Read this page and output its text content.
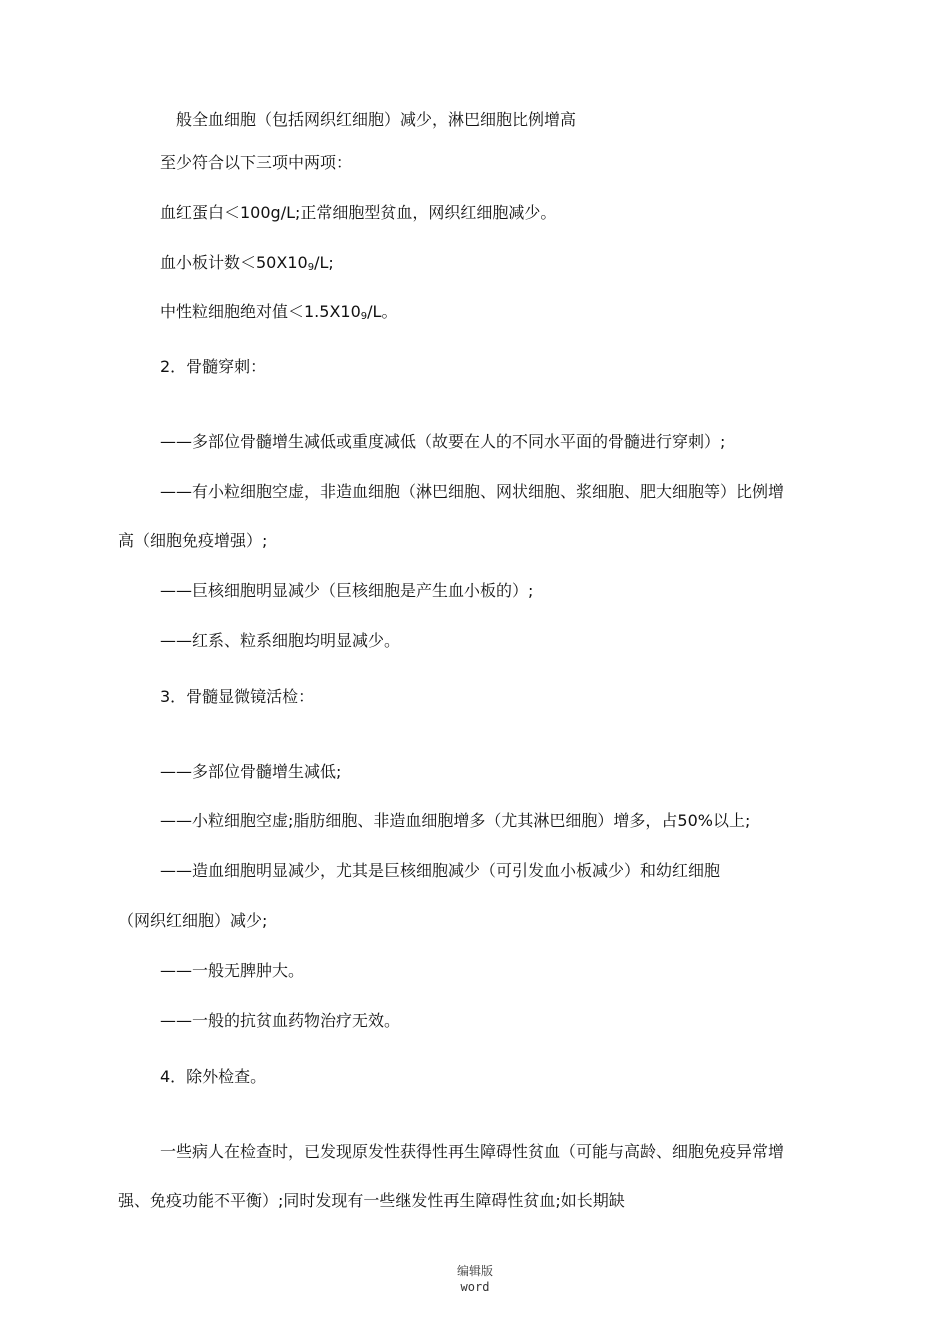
般全血细胞（包括网织红细胞）减少，淋巴细胞比例增高
至少符合以下三项中两项：
血红蛋白＜100g/L;正常细胞型贫血，网织红细胞减少。
血小板计数$<50X10_9/L$;
中性粒细胞绝对值$<1.5X10_9/L$。
2．骨髓穿刺：
——多部位骨髓增生减低或重度减低（故要在人的不同水平面的骨髓进行穿刺）;
——有小粒细胞空虚，非造血细胞（淋巴细胞、网状细胞、浆细胞、肥大细胞等）比例增
高（细胞免疫增强）;
——巨核细胞明显减少（巨核细胞是产生血小板的）;
——红系、粒系细胞均明显减少。
3．骨髓显微镜活检：
——多部位骨髓增生减低;
——小粒细胞空虚;脂肪细胞、非造血细胞增多（尤其淋巴细胞）增多，占50%以上;
——造血细胞明显减少，尤其是巨核细胞减少（可引发血小板减少）和幼红细胞
（网织红细胞）减少;
——一般无脾肿大。
——一般的抗贫血药物治疗无效。
4．除外检查。
一些病人在检查时，已发现原发性获得性再生障碍性贫血（可能与高龄、细胞免疫异常增
强、免疫功能不平衡）;同时发现有一些继发性再生障碍性贫血;如长期缺
编辑版
word
